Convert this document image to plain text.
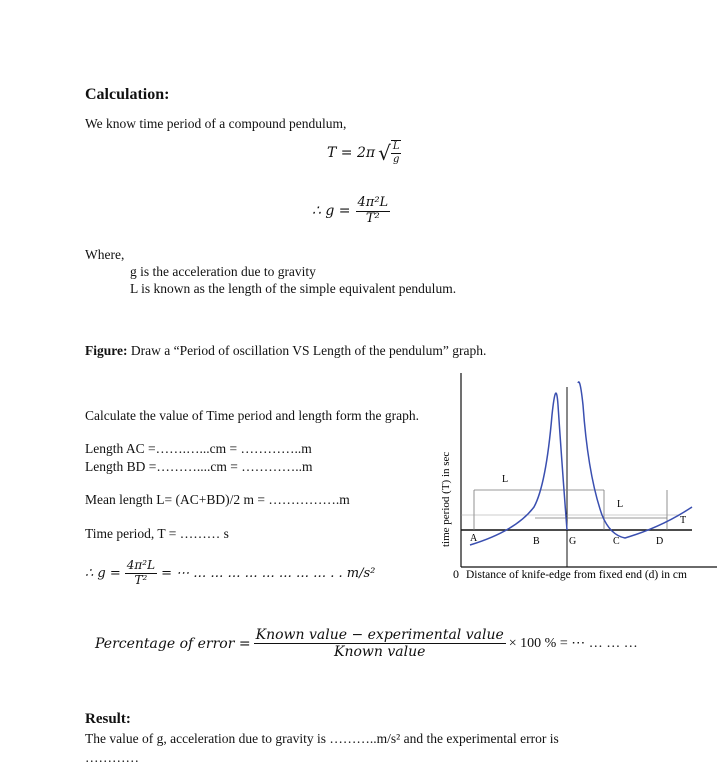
Calculation:
We know time period of a compound pendulum,
T = 2π √ $\frac{L}{g}$
∴ $g = \frac{\text{4π²L}}{\text{T²}}$
Where,
g is the acceleration due to gravity
L is known as the length of the simple equivalent pendulum.
Figure: Draw a “Period of oscillation VS Length of the pendulum” graph.
Calculate the value of Time period and length form the graph.
Length AC =…….…...cm = …………..m
Length BD =………....cm = …………..m
Mean length L= (AC+BD)/2 m = …………….m
Time period, T = ……… s
∴ $g = \frac{\text{4π²L}}{\text{T²}}$ = ⋯ … … … … … … … … . . m/s²
time period (T) in sec
0 Distance of knife-edge from fixed end (d) in cm
A	B	G	C	D
L
L
T
Percentage of error = $\frac{\text{Known value − experimental value}}{\text{Known value}} \times 100$ % = ⋯ … … …
Result:
The value of g, acceleration due to gravity is ………..m/s² and the experimental error is
…………
